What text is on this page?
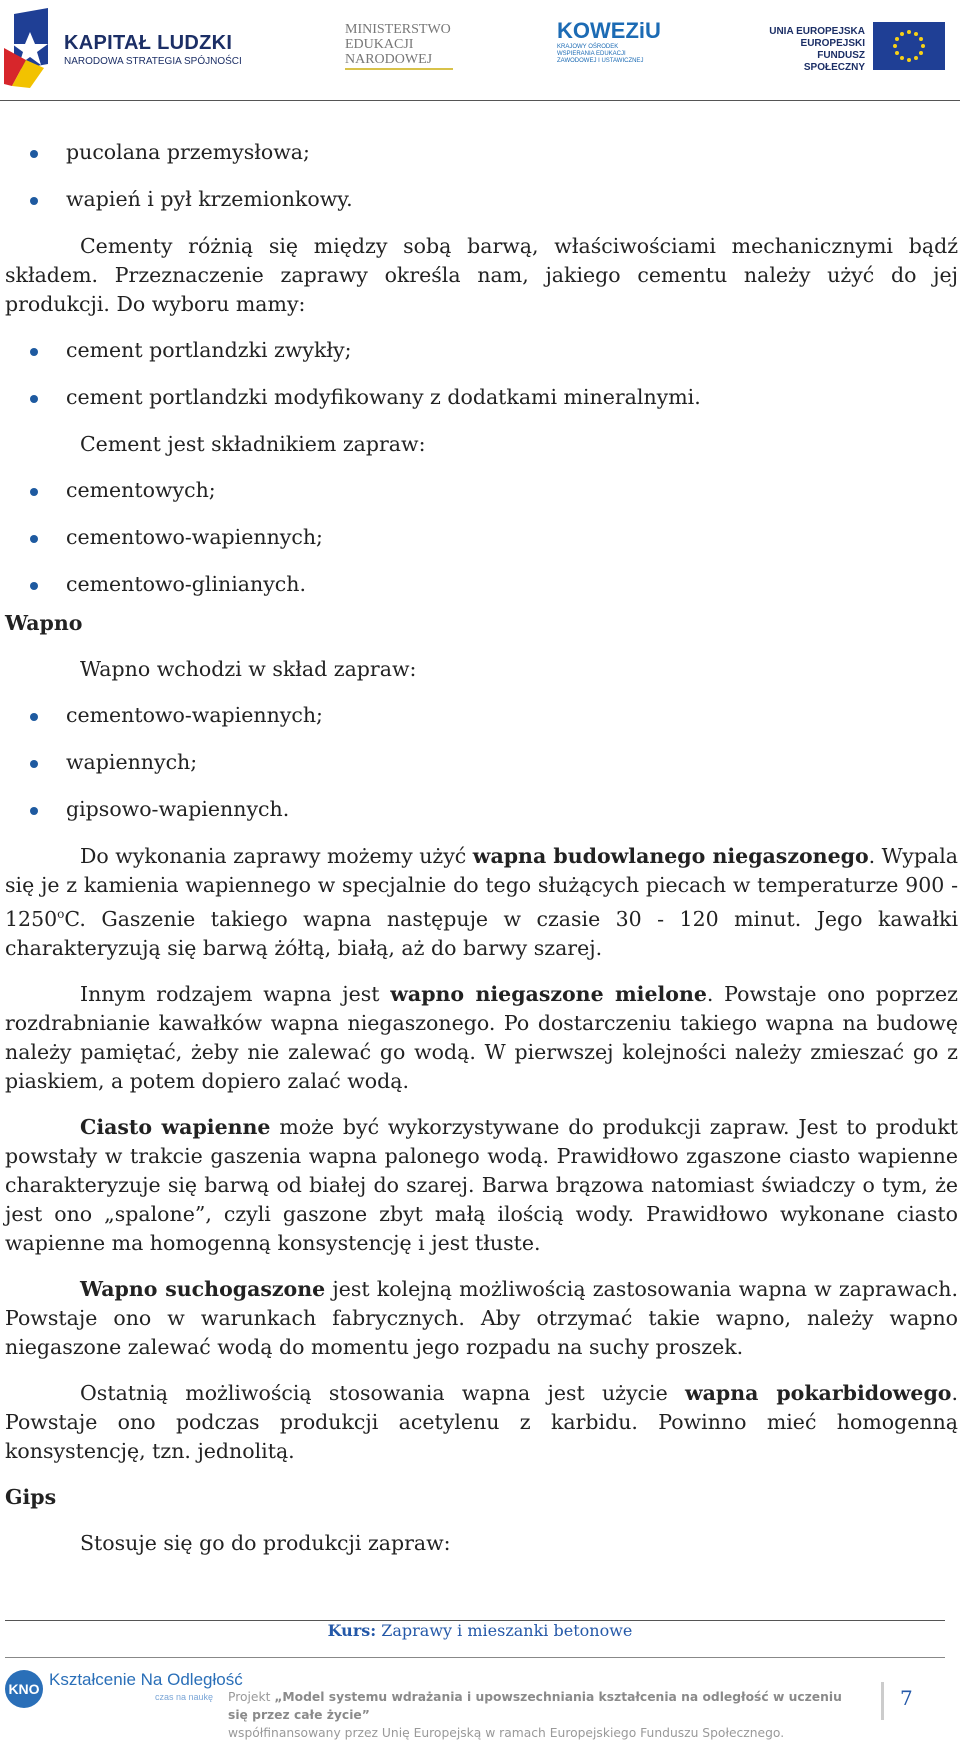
KAPITAŁ LUDZKI
NARODOWA STRATEGIA SPÓJNOŚCI
MINISTERSTWO
EDUKACJI
NARODOWEJ
KOWEZiU
KRAJOWY OŚRODEK WSPIERANIA EDUKACJI ZAWODOWEJ I USTAWICZNEJ
UNIA EUROPEJSKA
EUROPEJSKI
FUNDUSZ SPOŁECZNY
pucolana przemysłowa;
wapień i pył krzemionkowy.
Cementy różnią się między sobą barwą, właściwościami mechanicznymi bądź składem. Przeznaczenie zaprawy określa nam, jakiego cementu należy użyć do jej produkcji. Do wyboru mamy:
cement portlandzki zwykły;
cement portlandzki modyfikowany z dodatkami mineralnymi.
Cement jest składnikiem zapraw:
cementowych;
cementowo-wapiennych;
cementowo-glinianych.
Wapno
Wapno wchodzi w skład zapraw:
cementowo-wapiennych;
wapiennych;
gipsowo-wapiennych.
Do wykonania zaprawy możemy użyć wapna budowlanego niegaszonego. Wypala się je z kamienia wapiennego w specjalnie do tego służących piecach w temperaturze 900 - 1250$^o$C. Gaszenie takiego wapna następuje w czasie 30 - 120 minut. Jego kawałki charakteryzują się barwą żółtą, białą, aż do barwy szarej.
Innym rodzajem wapna jest wapno niegaszone mielone. Powstaje ono poprzez rozdrabnianie kawałków wapna niegaszonego. Po dostarczeniu takiego wapna na budowę należy pamiętać, żeby nie zalewać go wodą. W pierwszej kolejności należy zmieszać go z piaskiem, a potem dopiero zalać wodą.
Ciasto wapienne może być wykorzystywane do produkcji zapraw. Jest to produkt powstały w trakcie gaszenia wapna palonego wodą. Prawidłowo zgaszone ciasto wapienne charakteryzuje się barwą od białej do szarej. Barwa brązowa natomiast świadczy o tym, że jest ono „spalone”, czyli gaszone zbyt małą ilością wody. Prawidłowo wykonane ciasto wapienne ma homogenną konsystencję i jest tłuste.
Wapno suchogaszone jest kolejną możliwością zastosowania wapna w zaprawach. Powstaje ono w warunkach fabrycznych. Aby otrzymać takie wapno, należy wapno niegaszone zalewać wodą do momentu jego rozpadu na suchy proszek.
Ostatnią możliwością stosowania wapna jest użycie wapna pokarbidowego. Powstaje ono podczas produkcji acetylenu z karbidu. Powinno mieć homogenną konsystencję, tzn. jednolitą.
Gips
Stosuje się go do produkcji zapraw:
Kurs: Zaprawy i mieszanki betonowe
KNO Kształcenie Na Odległość
czas na naukę Projekt „Model systemu wdrażania i upowszechniania kształcenia na odległość w uczeniu się przez całe życie”
współfinansowany przez Unię Europejską w ramach Europejskiego Funduszu Społecznego.
7
